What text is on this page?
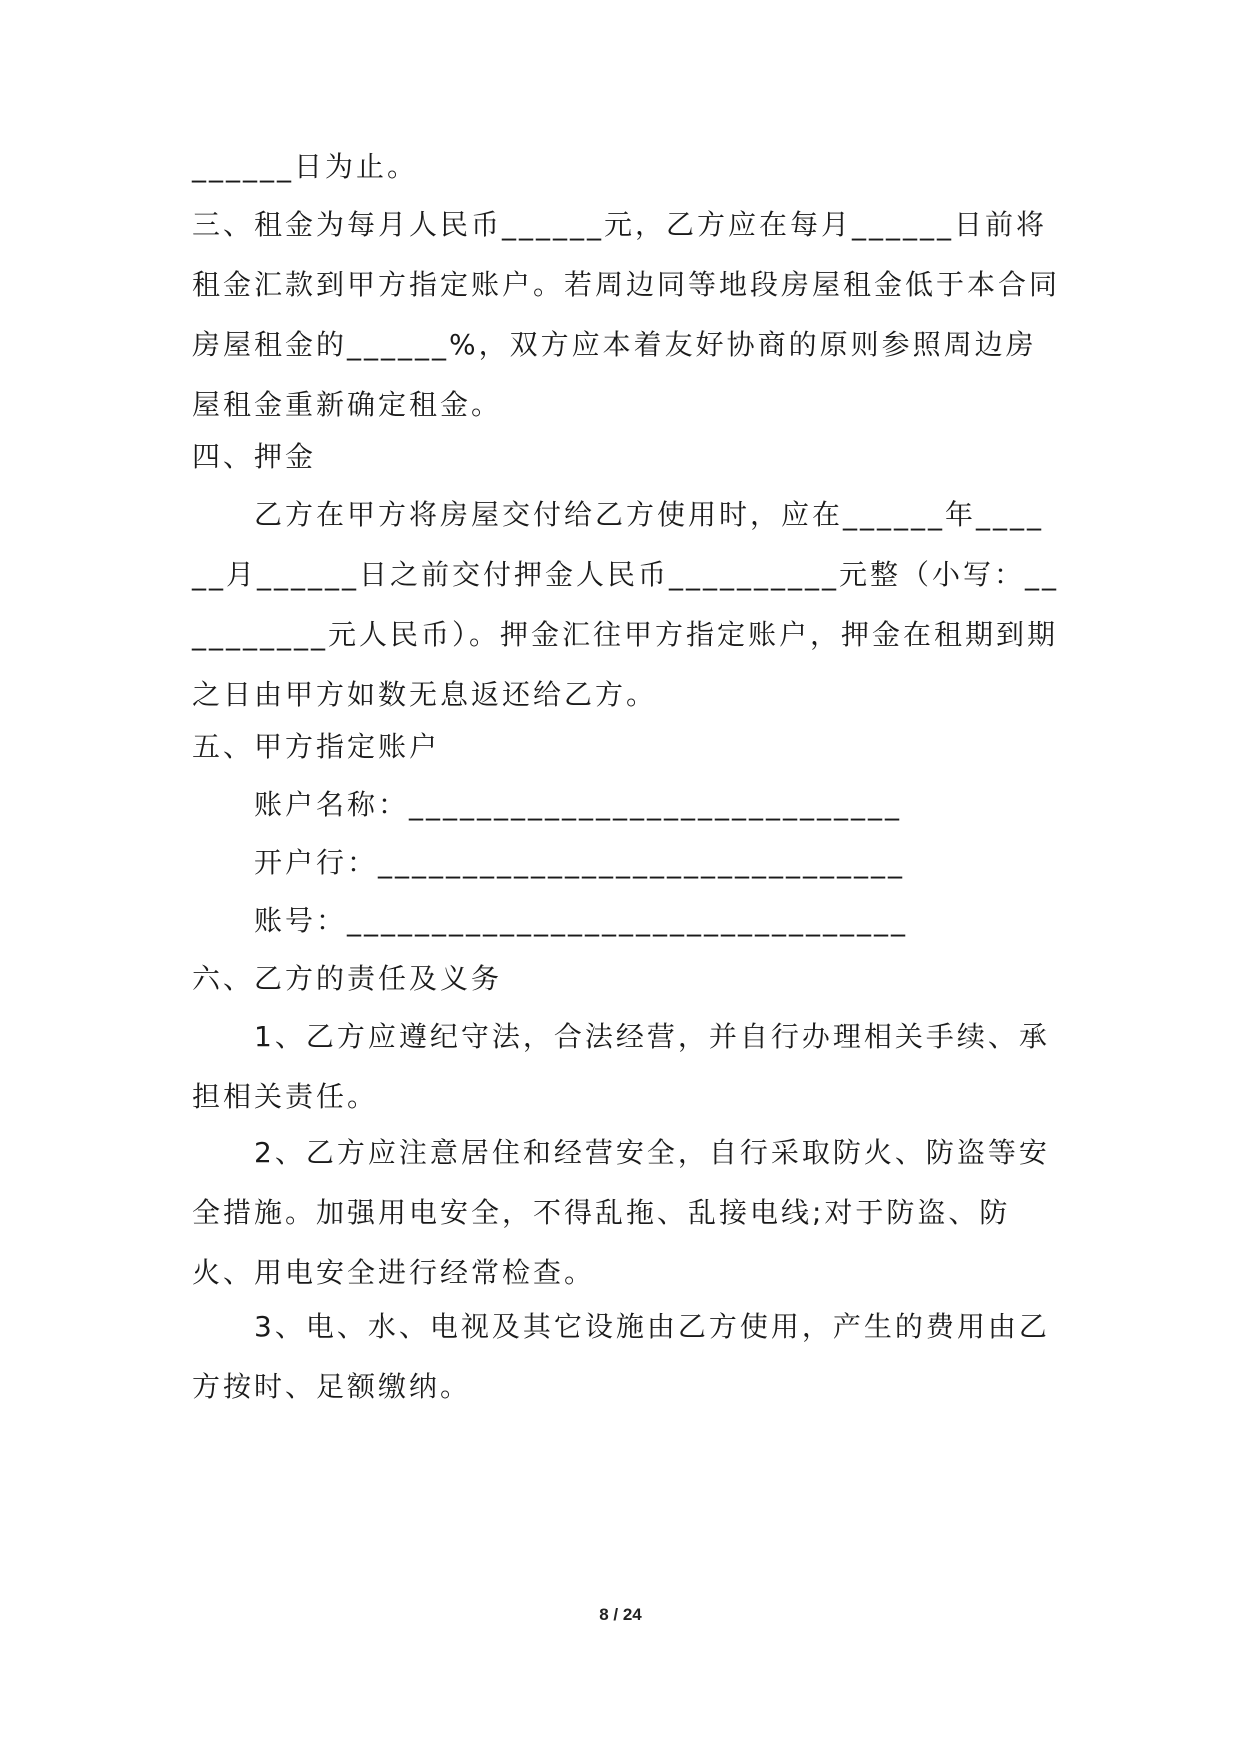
______日为止。

三、租金为每月人民币______元，乙方应在每月______日前将租金汇款到甲方指定账户。若周边同等地段房屋租金低于本合同房屋租金的______%，双方应本着友好协商的原则参照周边房屋租金重新确定租金。

四、押金

乙方在甲方将房屋交付给乙方使用时，应在______年______月______日之前交付押金人民币__________元整（小写：__________元人民币）。押金汇往甲方指定账户，押金在租期到期之日由甲方如数无息返还给乙方。

五、甲方指定账户

账户名称：_____________________________

开户行：_______________________________

账号：_________________________________

六、乙方的责任及义务

1、乙方应遵纪守法，合法经营，并自行办理相关手续、承担相关责任。

2、乙方应注意居住和经营安全，自行采取防火、防盗等安全措施。加强用电安全，不得乱拖、乱接电线;对于防盗、防火、用电安全进行经常检查。

3、电、水、电视及其它设施由乙方使用，产生的费用由乙方按时、足额缴纳。

8 / 24
